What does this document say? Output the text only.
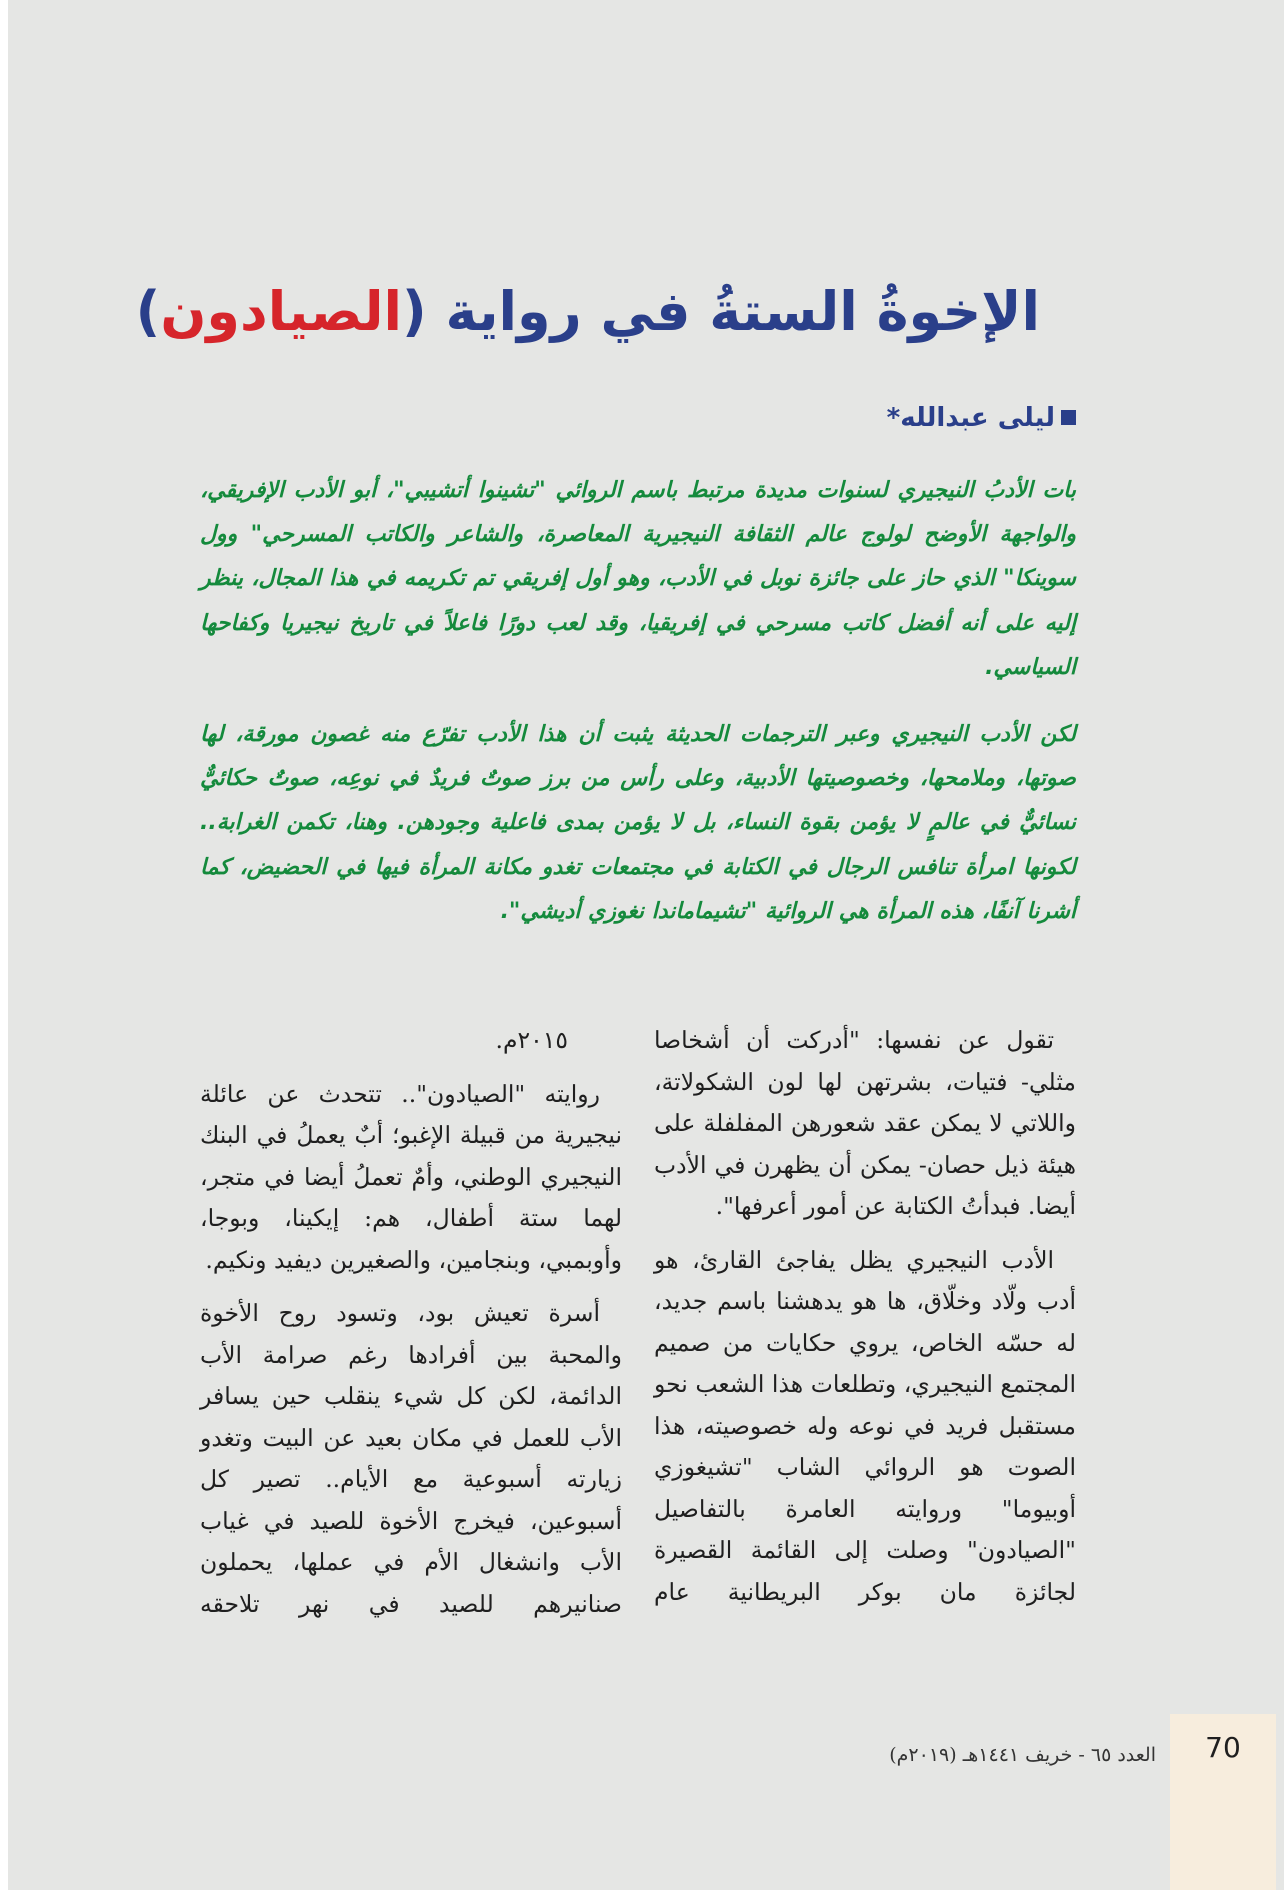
الإخوةُ الستةُ في رواية (الصيادون)
ليلى عبدالله*

بات الأدبُ النيجيري لسنوات مديدة مرتبط باسم الروائي "تشينوا أتشيبي"، أبو الأدب الإفريقي، والواجهة الأوضح لولوج عالم الثقافة النيجيرية المعاصرة، والشاعر والكاتب المسرحي" وول سوينكا" الذي حاز على جائزة نوبل في الأدب، وهو أول إفريقي تم تكريمه في هذا المجال، ينظر إليه على أنه أفضل كاتب مسرحي في إفريقيا، وقد لعب دورًا فاعلاً في تاريخ نيجيريا وكفاحها السياسي.

لكن الأدب النيجيري وعبر الترجمات الحديثة يثبت أن هذا الأدب تفرّع منه غصون مورقة، لها صوتها، وملامحها، وخصوصيتها الأدبية، وعلى رأس من برز صوتٌ فريدٌ في نوعِه، صوتٌ حكائيٌّ نسائيٌّ في عالمٍ لا يؤمن بقوة النساء، بل لا يؤمن بمدى فاعلية وجودهن. وهنا، تكمن الغرابة.. لكونها امرأة تنافس الرجال في الكتابة في مجتمعات تغدو مكانة المرأة فيها في الحضيض، كما أشرنا آنفًا، هذه المرأة هي الروائية "تشيماماندا نغوزي أديشي".

تقول عن نفسها: "أدركت أن أشخاصا مثلي- فتيات، بشرتهن لها لون الشكولاتة، واللاتي لا يمكن عقد شعورهن المفلفلة على هيئة ذيل حصان- يمكن أن يظهرن في الأدب أيضا. فبدأتُ الكتابة عن أمور أعرفها".

الأدب النيجيري يظل يفاجئ القارئ، هو أدب ولّاد وخلّاق، ها هو يدهشنا باسم جديد، له حسّه الخاص، يروي حكايات من صميم المجتمع النيجيري، وتطلعات هذا الشعب نحو مستقبل فريد في نوعه وله خصوصيته، هذا الصوت هو الروائي الشاب "تشيغوزي أوبيوما" وروايته العامرة بالتفاصيل "الصيادون" وصلت إلى القائمة القصيرة لجائزة مان بوكر البريطانية عام

٢٠١٥م.

روايته "الصيادون".. تتحدث عن عائلة نيجيرية من قبيلة الإغبو؛ أبٌ يعملُ في البنك النيجيري الوطني، وأمٌ تعملُ أيضا في متجر، لهما ستة أطفال، هم: إيكينا، وبوجا، وأوبمبي، وبنجامين، والصغيرين ديفيد ونكيم.

أسرة تعيش بود، وتسود روح الأخوة والمحبة بين أفرادها رغم صرامة الأب الدائمة، لكن كل شيء ينقلب حين يسافر الأب للعمل في مكان بعيد عن البيت وتغدو زيارته أسبوعية مع الأيام.. تصير كل أسبوعين، فيخرج الأخوة للصيد في غياب الأب وانشغال الأم في عملها، يحملون صنانيرهم للصيد في نهر تلاحقه

70
العدد ٦٥ - خريف ١٤٤١هـ (٢٠١٩م)
